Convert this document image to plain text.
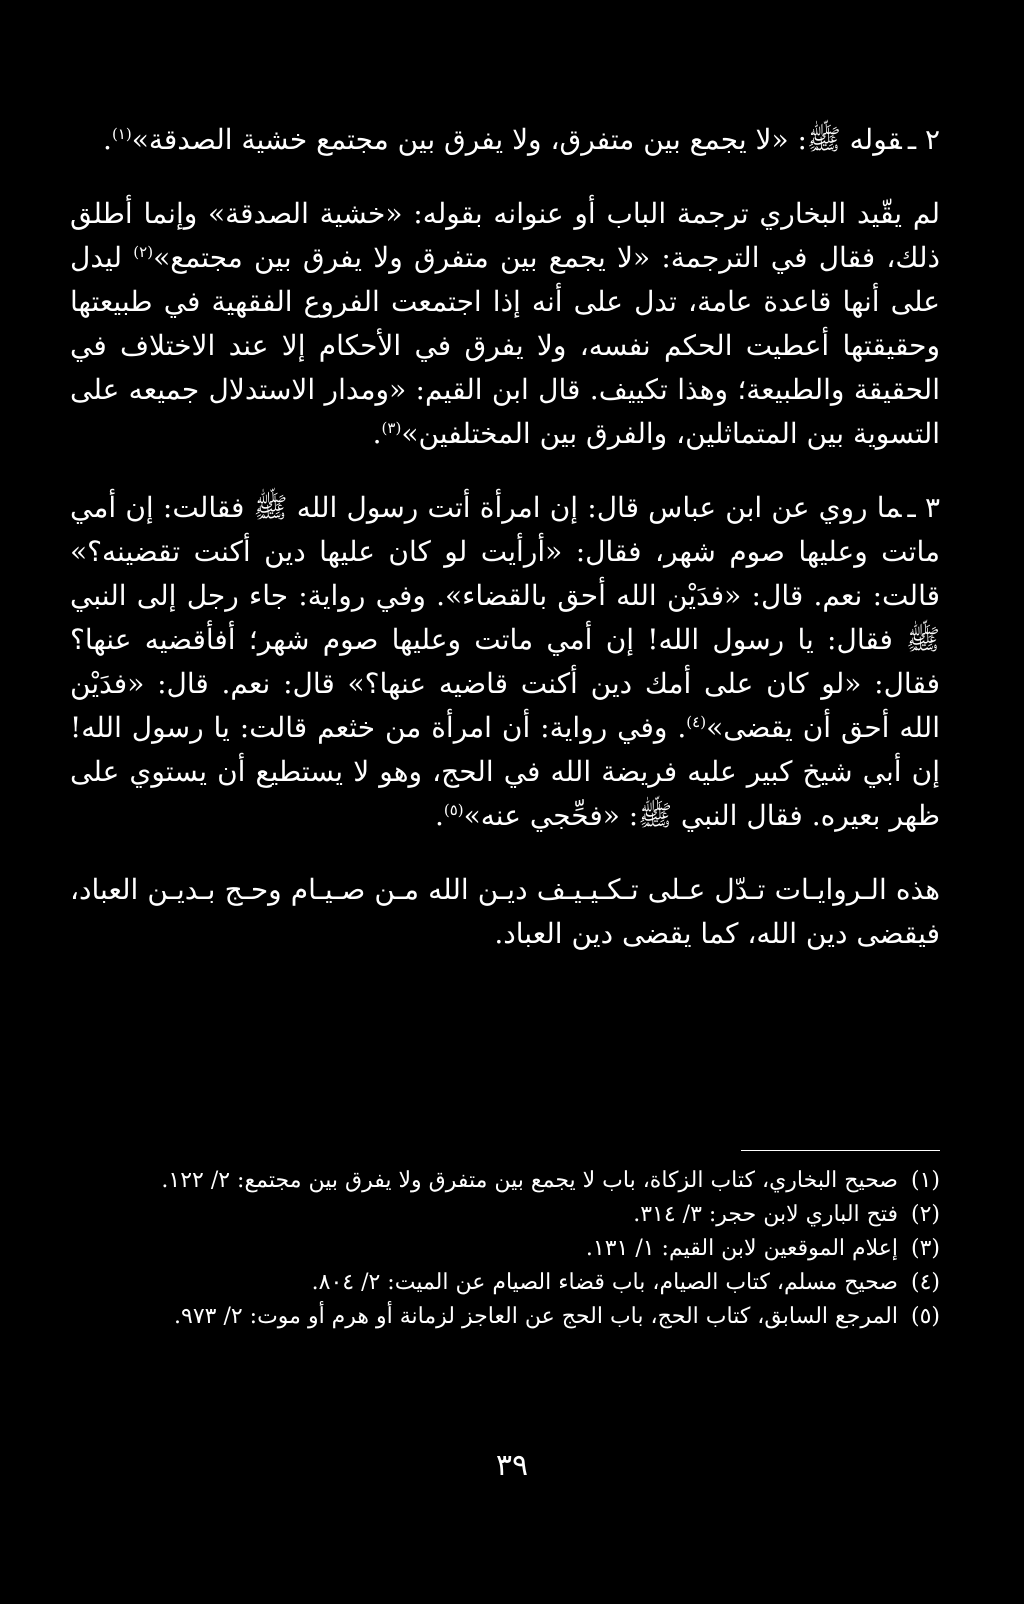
٢ ـقوله ﷺ: «لا يجمع بين متفرق، ولا يفرق بين مجتمع خشية الصدقة»$^{(١)}$.

لم يقّيد البخاري ترجمة الباب أو عنوانه بقوله: «خشية الصدقة» وإنما أطلق ذلك، فقال في الترجمة: «لا يجمع بين متفرق ولا يفرق بين مجتمع»$^{(٢)}$ ليدل على أنها قاعدة عامة، تدل على أنه إذا اجتمعت الفروع الفقهية في طبيعتها وحقيقتها أعطيت الحكم نفسه، ولا يفرق في الأحكام إلا عند الاختلاف في الحقيقة والطبيعة؛ وهذا تكييف. قال ابن القيم: «ومدار الاستدلال جميعه على التسوية بين المتماثلين، والفرق بين المختلفين»$^{(٣)}$.

٣ ـما روي عن ابن عباس قال: إن امرأة أتت رسول الله ﷺ فقالت: إن أمي ماتت وعليها صوم شهر، فقال: «أرأيت لو كان عليها دين أكنت تقضينه؟» قالت: نعم. قال: «فدَيْن الله أحق بالقضاء». وفي رواية: جاء رجل إلى النبي ﷺ فقال: يا رسول الله! إن أمي ماتت وعليها صوم شهر؛ أفأقضيه عنها؟ فقال: «لو كان على أمك دين أكنت قاضيه عنها؟» قال: نعم. قال: «فدَيْن الله أحق أن يقضى»$^{(٤)}$. وفي رواية: أن امرأة من خثعم قالت: يا رسول الله! إن أبي شيخ كبير عليه فريضة الله في الحج، وهو لا يستطيع أن يستوي على ظهر بعيره. فقال النبي ﷺ: «فحِّجي عنه»$^{(٥)}$.

هذه الـروايـات تـدّل عـلى تـكـيـيـف ديـن الله مـن صـيـام وحـج بـديـن العباد، فيقضى دين الله، كما يقضى دين العباد.

(١)
صحيح البخاري، كتاب الزكاة، باب لا يجمع بين متفرق ولا يفرق بين مجتمع: ٢/ ١٢٢.
(٢)
فتح الباري لابن حجر: ٣/ ٣١٤.
(٣)
إعلام الموقعين لابن القيم: ١/ ١٣١.
(٤)
صحيح مسلم، كتاب الصيام، باب قضاء الصيام عن الميت: ٢/ ٨٠٤.
(٥)
المرجع السابق، كتاب الحج، باب الحج عن العاجز لزمانة أو هرم أو موت: ٢/ ٩٧٣.
٣٩
